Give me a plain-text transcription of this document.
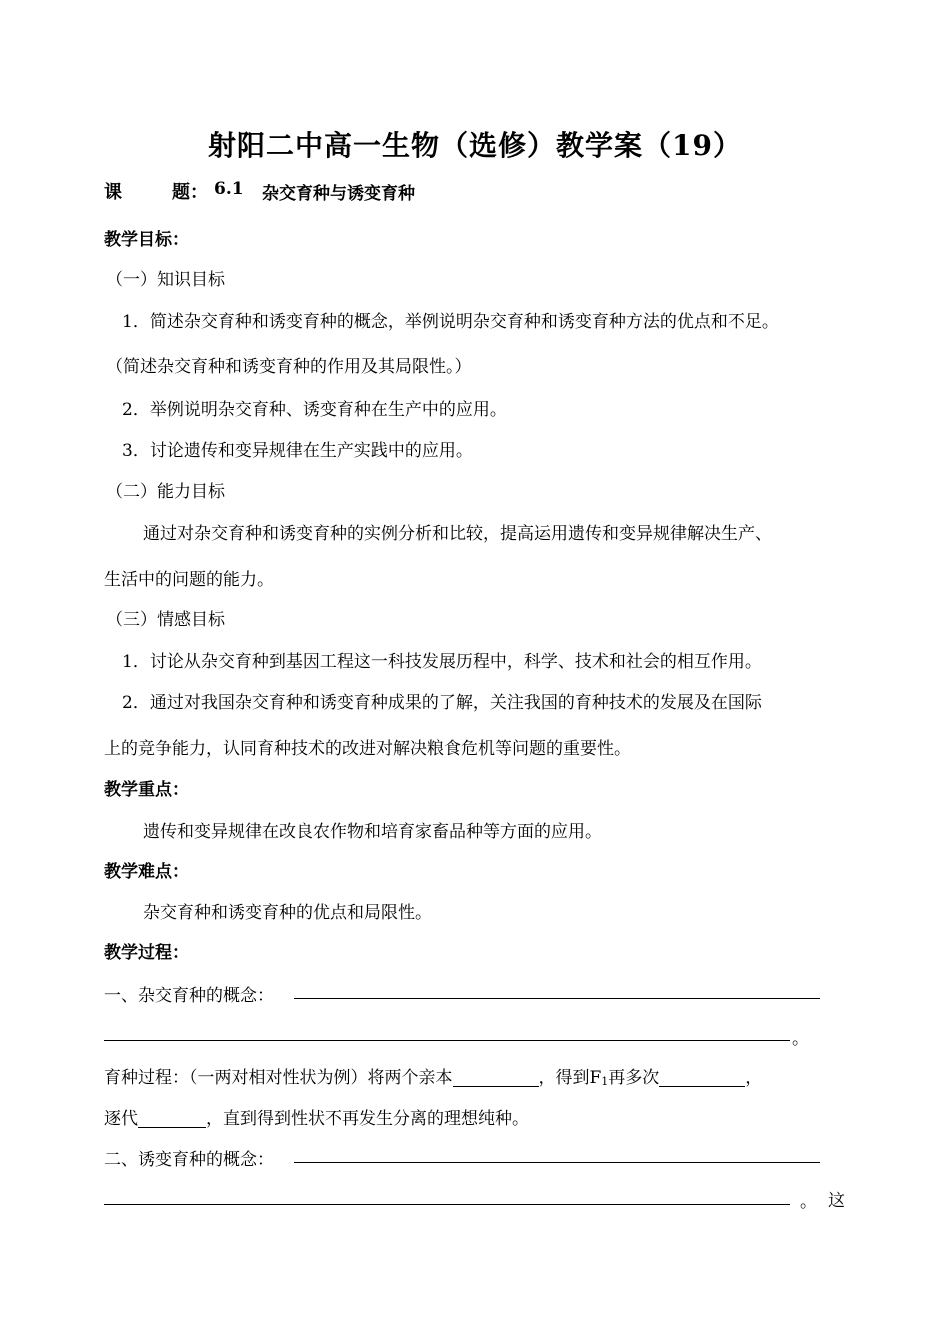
射阳二中高一生物（选修）教学案（19）
课	题： 6.1 杂交育种与诱变育种
教学目标：
（一）知识目标
1．简述杂交育种和诱变育种的概念，举例说明杂交育种和诱变育种方法的优点和不足。
（简述杂交育种和诱变育种的作用及其局限性。）
2．举例说明杂交育种、诱变育种在生产中的应用。
3．讨论遗传和变异规律在生产实践中的应用。
（二）能力目标
通过对杂交育种和诱变育种的实例分析和比较，提高运用遗传和变异规律解决生产、
生活中的问题的能力。
（三）情感目标
1．讨论从杂交育种到基因工程这一科技发展历程中，科学、技术和社会的相互作用。
2．通过对我国杂交育种和诱变育种成果的了解，关注我国的育种技术的发展及在国际
上的竞争能力，认同育种技术的改进对解决粮食危机等问题的重要性。
教学重点：
遗传和变异规律在改良农作物和培育家畜品种等方面的应用。
教学难点：
杂交育种和诱变育种的优点和局限性。
教学过程：
一、杂交育种的概念：
。
育种过程：（一两对相对性状为例）将两个亲本	，得到F1再多次	，
逐代	，直到得到性状不再发生分离的理想纯种。
二、诱变育种的概念：
。 这
